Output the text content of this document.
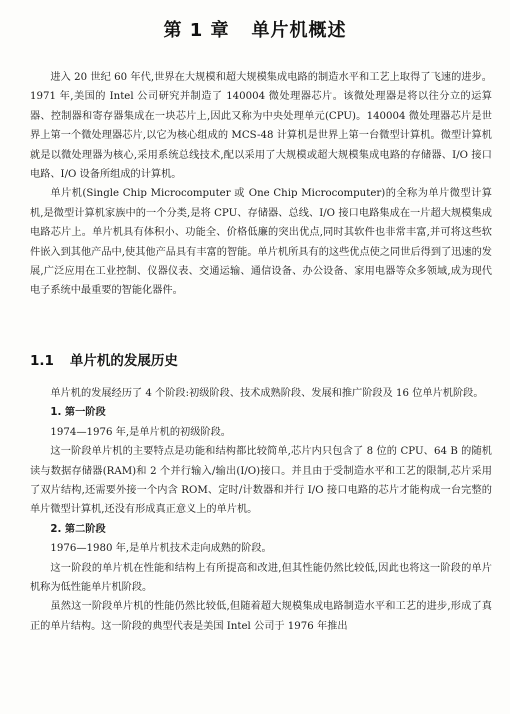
第 1 章 单片机概述

进入 20 世纪 60 年代,世界在大规模和超大规模集成电路的制造水平和工艺上取得了飞速的进步。1971 年,美国的 Intel 公司研究并制造了 140004 微处理器芯片。该微处理器是将以往分立的运算器、控制器和寄存器集成在一块芯片上,因此又称为中央处理单元(CPU)。140004 微处理器芯片是世界上第一个微处理器芯片,以它为核心组成的 MCS-48 计算机是世界上第一台微型计算机。微型计算机就是以微处理器为核心,采用系统总线技术,配以采用了大规模或超大规模集成电路的存储器、I/O 接口电路、I/O 设备所组成的计算机。

单片机(Single Chip Microcomputer 或 One Chip Microcomputer)的全称为单片微型计算机,是微型计算机家族中的一个分类,是将 CPU、存储器、总线、I/O 接口电路集成在一片超大规模集成电路芯片上。单片机具有体积小、功能全、价格低廉的突出优点,同时其软件也非常丰富,并可将这些软件嵌入到其他产品中,使其他产品具有丰富的智能。单片机所具有的这些优点使之同世后得到了迅速的发展,广泛应用在工业控制、仪器仪表、交通运输、通信设备、办公设备、家用电器等众多领域,成为现代电子系统中最重要的智能化器件。

1.1 单片机的发展历史

单片机的发展经历了 4 个阶段:初级阶段、技术成熟阶段、发展和推广阶段及 16 位单片机阶段。

1. 第一阶段

1974—1976 年,是单片机的初级阶段。

这一阶段单片机的主要特点是功能和结构都比较简单,芯片内只包含了 8 位的 CPU、64 B 的随机读与数据存储器(RAM)和 2 个并行输入/输出(I/O)接口。并且由于受制造水平和工艺的限制,芯片采用了双片结构,还需要外接一个内含 ROM、定时/计数器和并行 I/O 接口电路的芯片才能构成一台完整的单片微型计算机,还没有形成真正意义上的单片机。

2. 第二阶段

1976—1980 年,是单片机技术走向成熟的阶段。

这一阶段的单片机在性能和结构上有所提高和改进,但其性能仍然比较低,因此也将这一阶段的单片机称为低性能单片机阶段。

虽然这一阶段单片机的性能仍然比较低,但随着超大规模集成电路制造水平和工艺的进步,形成了真正的单片结构。这一阶段的典型代表是美国 Intel 公司于 1976 年推出
